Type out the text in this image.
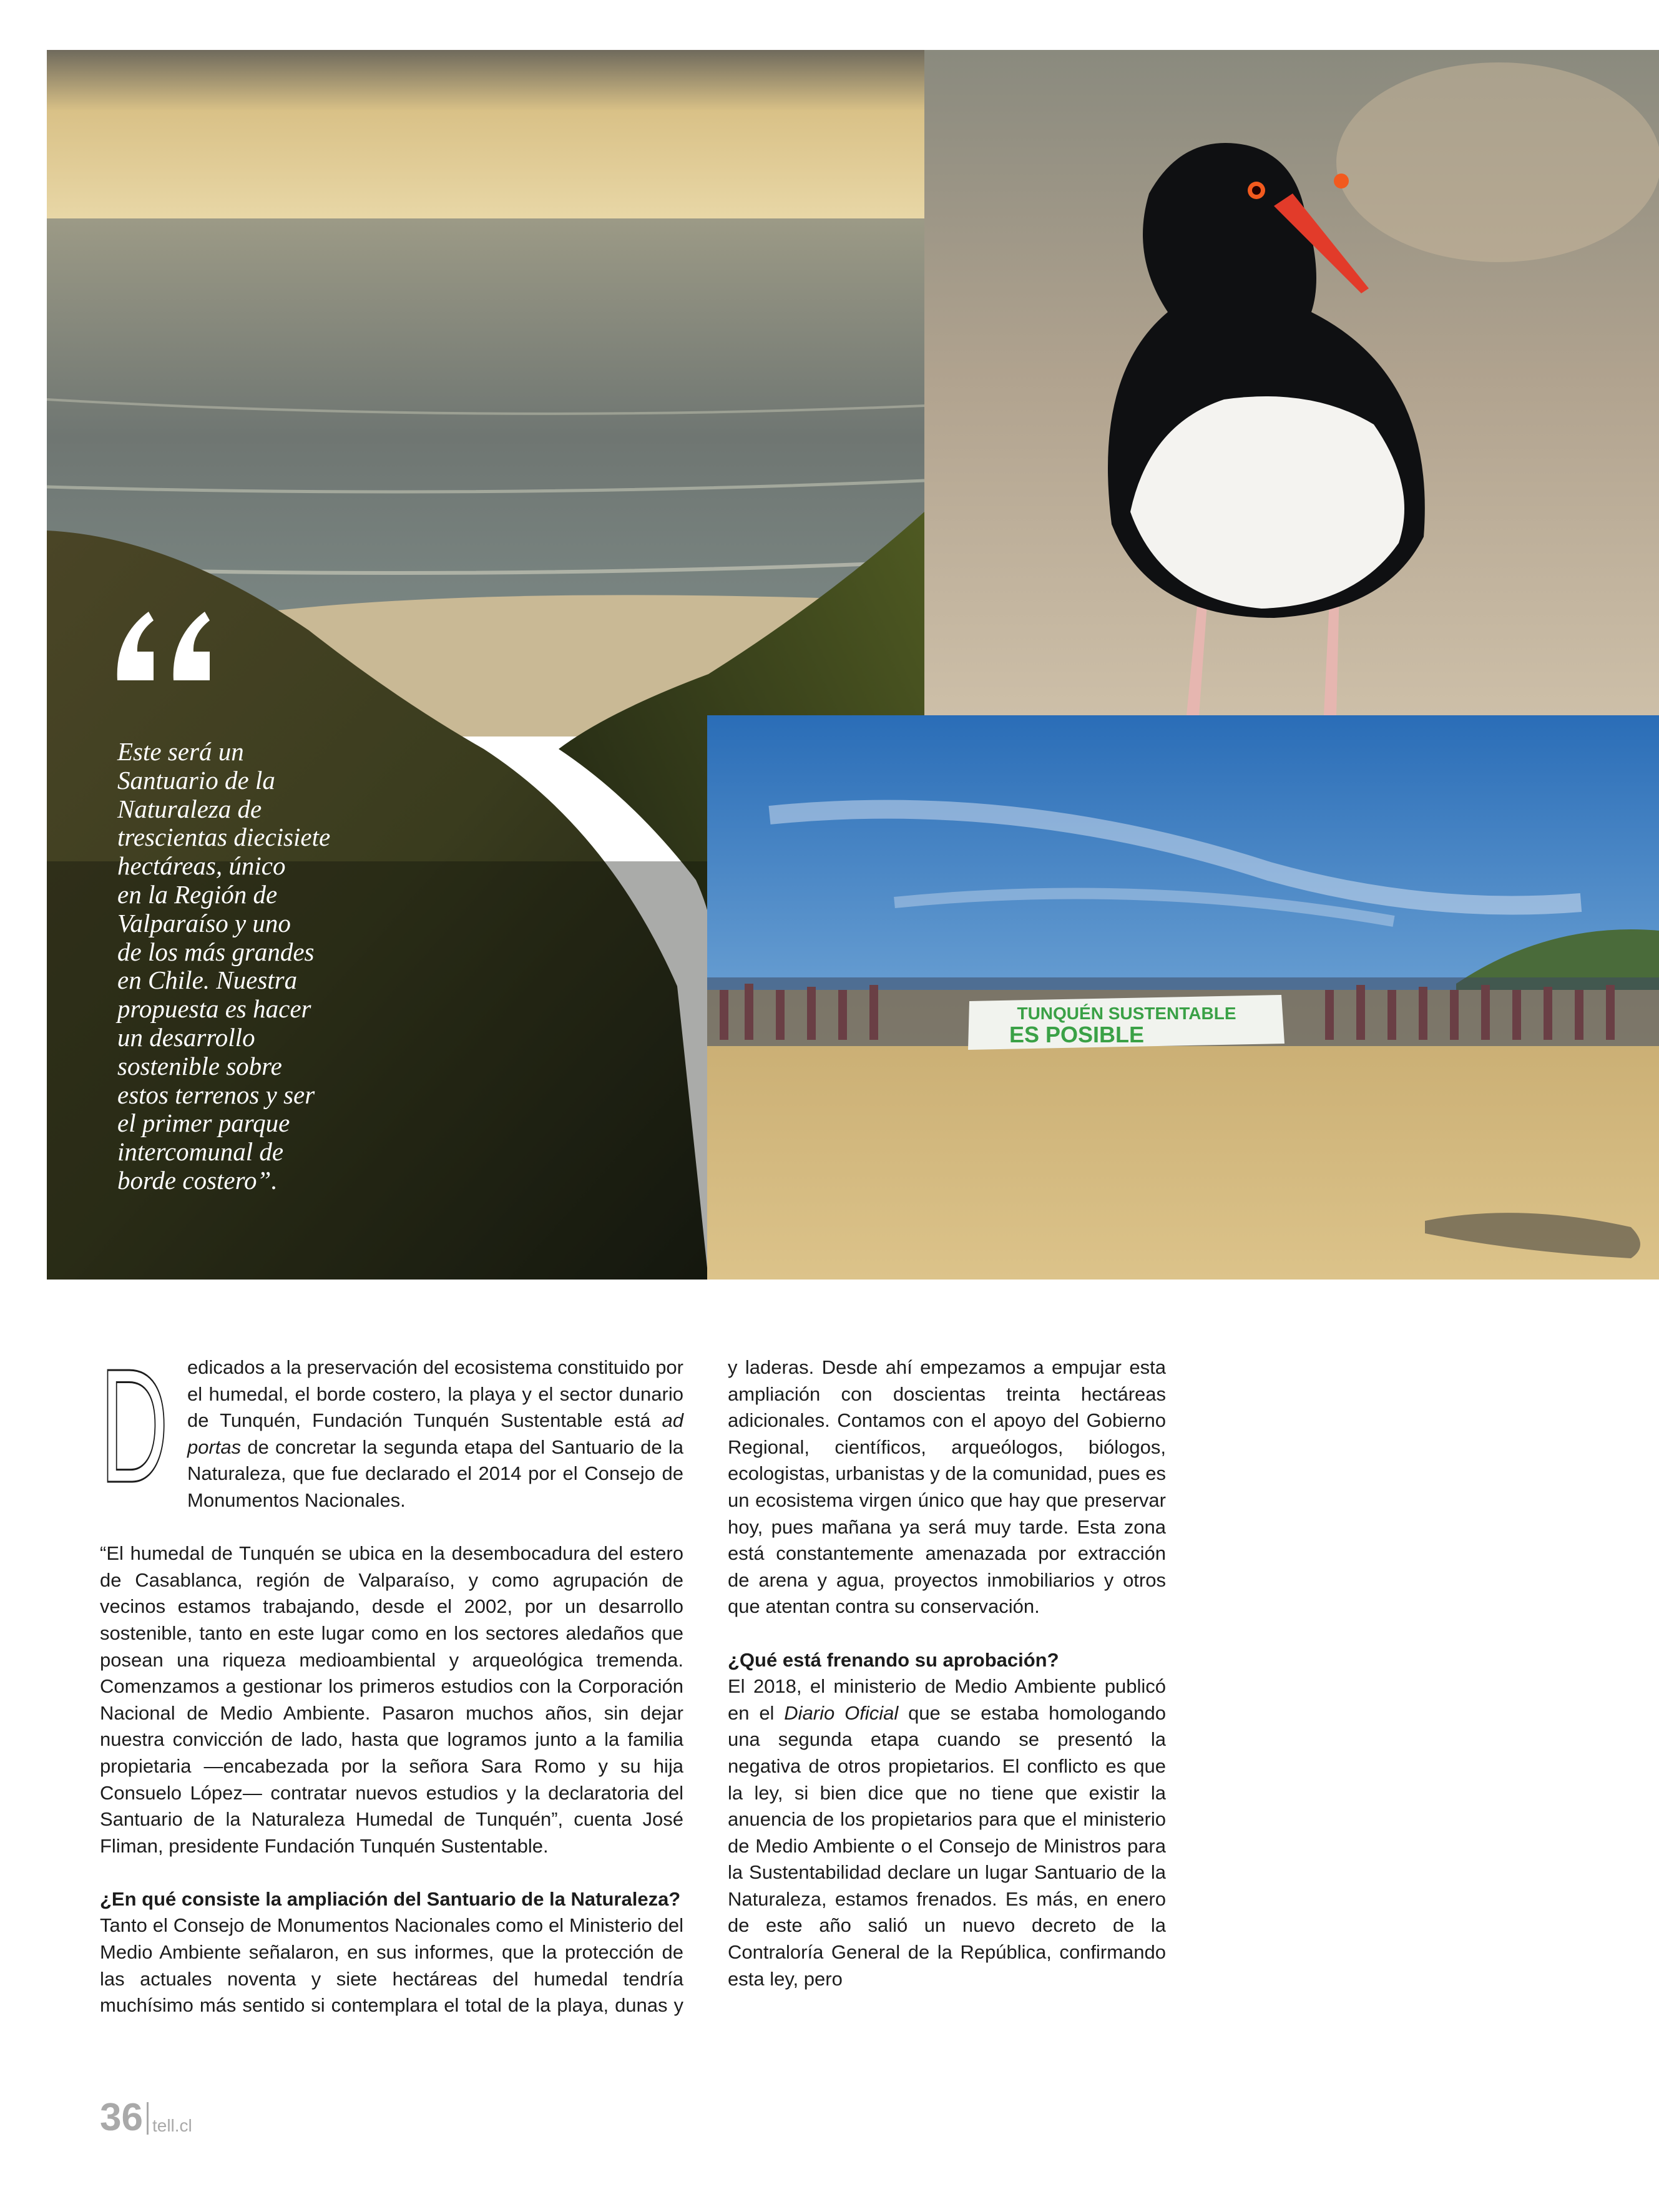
TUNQUÉN SUSTENTABLE
ES POSIBLE
Este será un
Santuario de la
Naturaleza de
trescientas diecisiete
hectáreas, único
en la Región de
Valparaíso y uno
de los más grandes
en Chile. Nuestra
propuesta es hacer
un desarrollo
sostenible sobre
estos terrenos y ser
el primer parque
intercomunal de
borde costero”.

D edicados a la preservación del ecosistema constituido por el humedal, el borde costero, la playa y el sector dunario de Tunquén, Fundación Tunquén Sustentable está ad portas de concretar la segunda etapa del Santuario de la Naturaleza, que fue declarado el 2014 por el Consejo de Monumentos Nacionales.

“El humedal de Tunquén se ubica en la desembocadura del estero de Casablanca, región de Valparaíso, y como agrupación de vecinos estamos trabajando, desde el 2002, por un desarrollo sostenible, tanto en este lugar como en los sectores aledaños que posean una riqueza medioambiental y arqueológica tremenda. Comenzamos a gestionar los primeros estudios con la Corporación Nacional de Medio Ambiente. Pasaron muchos años, sin dejar nuestra convicción de lado, hasta que logramos junto a la familia propietaria —encabezada por la señora Sara Romo y su hija Consuelo López— contratar nuevos estudios y la declaratoria del Santuario de la Naturaleza Humedal de Tunquén”, cuenta José Fliman, presidente Fundación Tunquén Sustentable.

¿En qué consiste la ampliación del Santuario de la Naturaleza?

Tanto el Consejo de Monumentos Nacionales como el Ministerio del Medio Ambiente señalaron, en sus informes, que la protección de las actuales noventa y siete hectáreas del humedal tendría muchísimo más sentido si contemplara el total de la playa, dunas y

y laderas. Desde ahí empezamos a empujar esta ampliación con doscientas treinta hectáreas adicionales. Contamos con el apoyo del Gobierno Regional, científicos, arqueólogos, biólogos, ecologistas, urbanistas y de la comunidad, pues es un ecosistema virgen único que hay que preservar hoy, pues mañana ya será muy tarde. Esta zona está constantemente amenazada por extracción de arena y agua, proyectos inmobiliarios y otros que atentan contra su conservación.

¿Qué está frenando su aprobación?

El 2018, el ministerio de Medio Ambiente publicó en el Diario Oficial que se estaba homologando una segunda etapa cuando se presentó la negativa de otros propietarios. El conflicto es que la ley, si bien dice que no tiene que existir la anuencia de los propietarios para que el ministerio de Medio Ambiente o el Consejo de Ministros para la Sustentabilidad declare un lugar Santuario de la Naturaleza, estamos frenados. Es más, en enero de este año salió un nuevo decreto de la Contraloría General de la República, confirmando esta ley, pero

36 tell.cl
